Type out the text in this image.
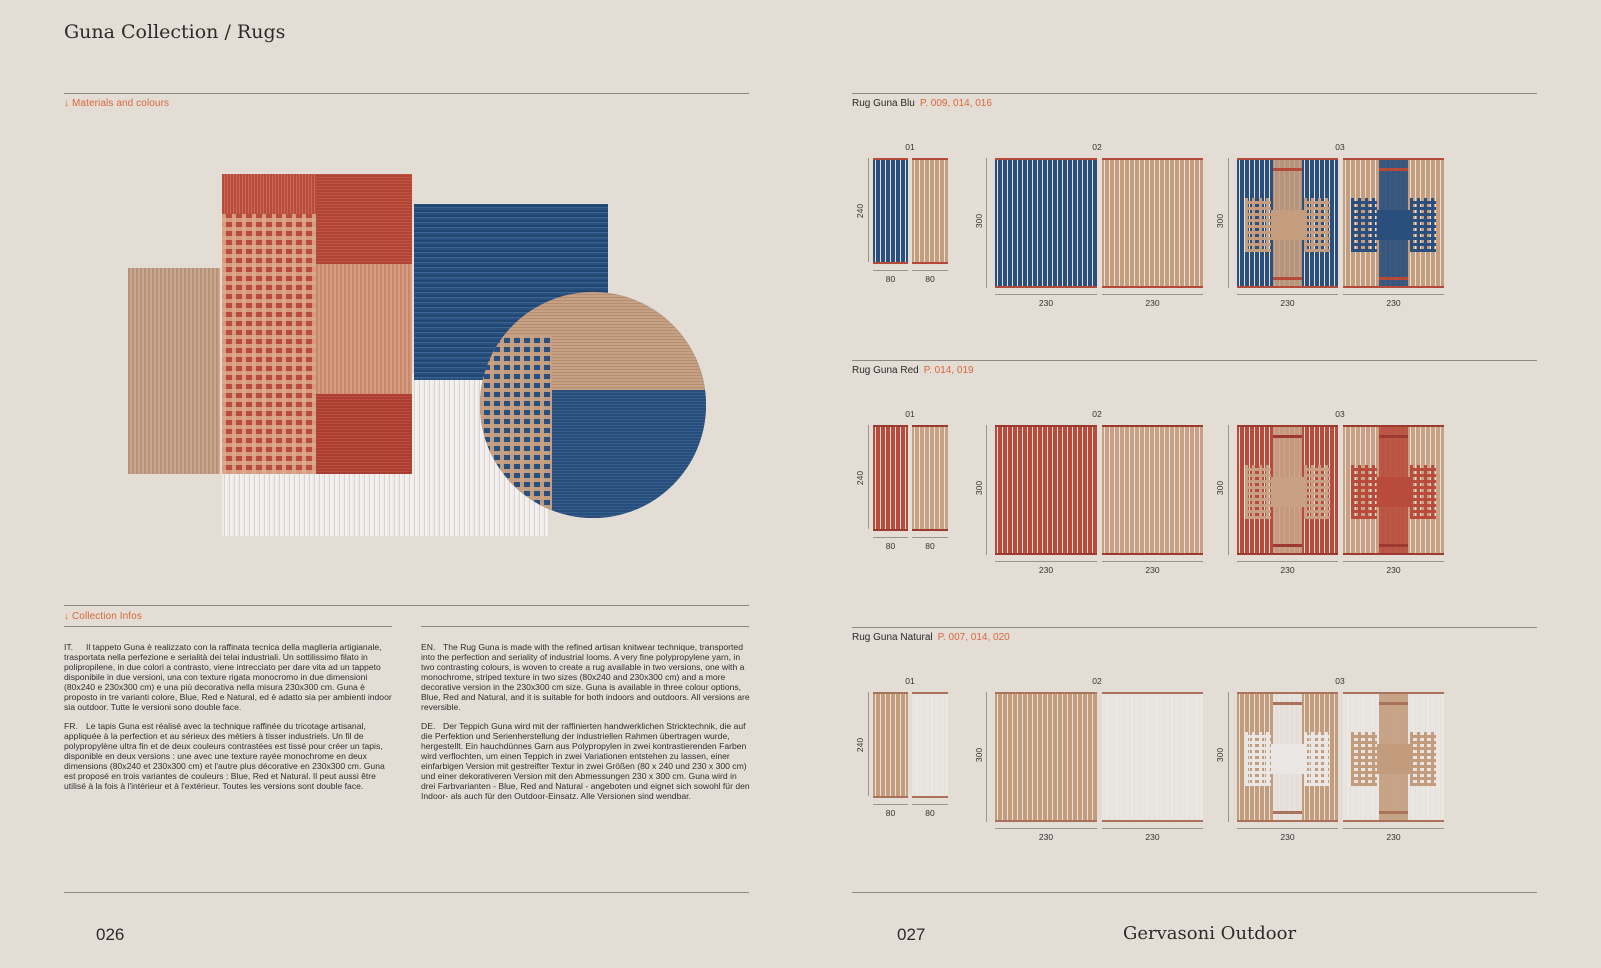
Guna Collection / Rugs
↓ Materials and colours
↓ Collection Infos

IT. Il tappeto Guna è realizzato con la raffinata tecnica della maglieria artigianale, trasportata nella perfezione e serialità dei telai industriali. Un sottilissimo filato in polipropilene, in due colori a contrasto, viene intrecciato per dare vita ad un tappeto disponibile in due versioni, una con texture rigata monocromo in due dimensioni (80x240 e 230x300 cm) e una più decorativa nella misura 230x300 cm. Guna è proposto in tre varianti colore, Blue, Red e Natural, ed è adatto sia per ambienti indoor sia outdoor. Tutte le versioni sono double face.

FR. Le tapis Guna est réalisé avec la technique raffinée du tricotage artisanal, appliquée à la perfection et au sérieux des métiers à tisser industriels. Un fil de polypropylène ultra fin et de deux couleurs contrastées est tissé pour créer un tapis, disponible en deux versions : une avec une texture rayée monochrome en deux dimensions (80x240 et 230x300 cm) et l'autre plus décorative en 230x300 cm. Guna est proposé en trois variantes de couleurs : Blue, Red et Natural. Il peut aussi être utilisé à la fois à l'intérieur et à l'extérieur. Toutes les versions sont double face.

EN. The Rug Guna is made with the refined artisan knitwear technique, transported into the perfection and seriality of industrial looms. A very fine polypropylene yarn, in two contrasting colours, is woven to create a rug available in two versions, one with a monochrome, striped texture in two sizes (80x240 and 230x300 cm) and a more decorative version in the 230x300 cm size. Guna is available in three colour options, Blue, Red and Natural, and it is suitable for both indoors and outdoors. All versions are reversible.

DE. Der Teppich Guna wird mit der raffinierten handwerklichen Stricktechnik, die auf die Perfektion und Serienherstellung der industriellen Rahmen übertragen wurde, hergestellt. Ein hauchdünnes Garn aus Polypropylen in zwei kontrastierenden Farben wird verflochten, um einen Teppich in zwei Variationen entstehen zu lassen, einer einfarbigen Version mit gestreifter Textur in zwei Größen (80 x 240 und 230 x 300 cm) und einer dekorativeren Version mit den Abmessungen 230 x 300 cm. Guna wird in drei Farbvarianten - Blue, Red and Natural - angeboten und eignet sich sowohl für den Indoor- als auch für den Outdoor-Einsatz. Alle Versionen sind wendbar.

026
Rug Guna Blu P. 009, 014, 016
01	02	03
240
80	80
300
230	230
300
230	230
Rug Guna Red P. 014, 019
01	02	03
240
80	80
300
230	230
300
230	230
Rug Guna Natural P. 007, 014, 020
01	02	03
240
80	80
300
230	230
300
230	230
027	Gervasoni Outdoor
